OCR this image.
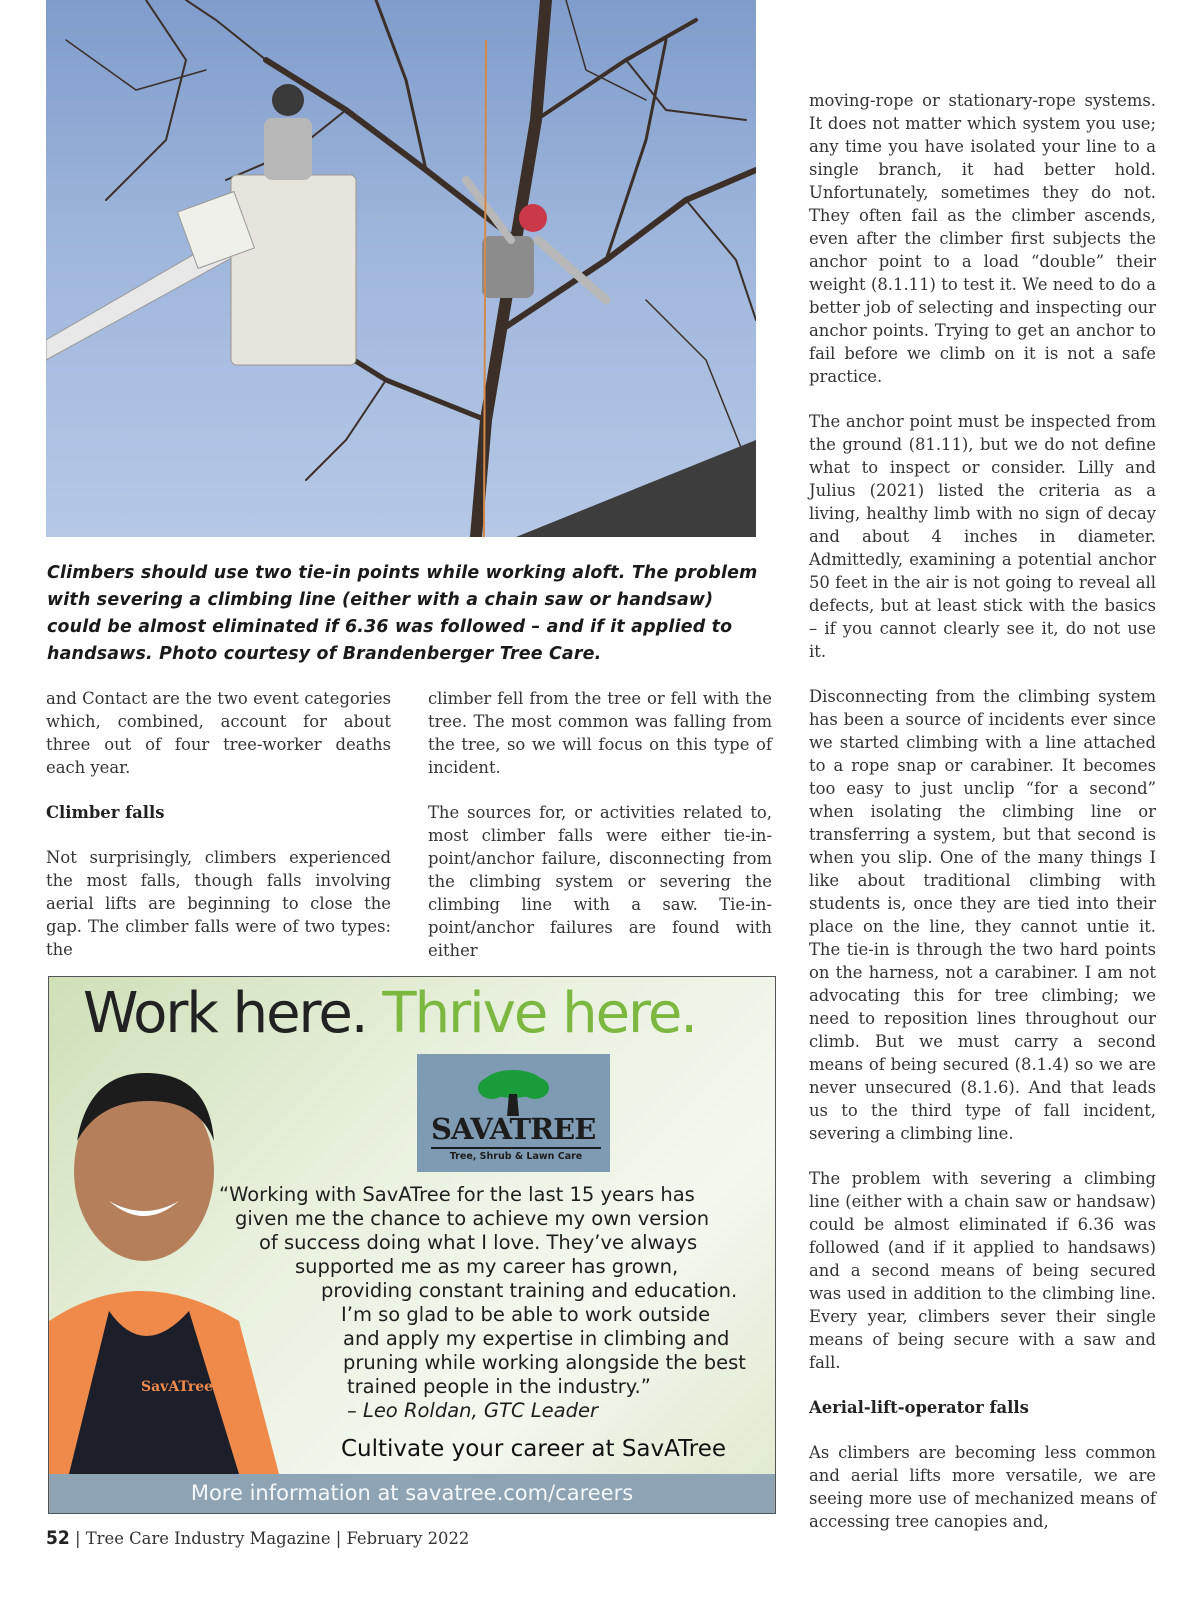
Climbers should use two tie-in points while working aloft. The problem with severing a climbing line (either with a chain saw or handsaw) could be almost eliminated if 6.36 was followed – and if it applied to handsaws. Photo courtesy of Brandenberger Tree Care.

and Contact are the two event categories which, combined, account for about three out of four tree-worker deaths each year.

Climber falls

Not surprisingly, climbers experienced the most falls, though falls involving aerial lifts are beginning to close the gap. The climber falls were of two types: the

climber fell from the tree or fell with the tree. The most common was falling from the tree, so we will focus on this type of incident.

The sources for, or activities related to, most climber falls were either tie-in-point/anchor failure, disconnecting from the climbing system or severing the climbing line with a saw. Tie-in-point/anchor failures are found with either

moving-rope or stationary-rope systems. It does not matter which system you use; any time you have isolated your line to a single branch, it had better hold. Unfortunately, sometimes they do not. They often fail as the climber ascends, even after the climber first subjects the anchor point to a load “double” their weight (8.1.11) to test it. We need to do a better job of selecting and inspecting our anchor points. Trying to get an anchor to fail before we climb on it is not a safe practice.

The anchor point must be inspected from the ground (81.11), but we do not define what to inspect or consider. Lilly and Julius (2021) listed the criteria as a living, healthy limb with no sign of decay and about 4 inches in diameter. Admittedly, examining a potential anchor 50 feet in the air is not going to reveal all defects, but at least stick with the basics – if you cannot clearly see it, do not use it.

Disconnecting from the climbing system has been a source of incidents ever since we started climbing with a line attached to a rope snap or carabiner. It becomes too easy to just unclip “for a second” when isolating the climbing line or transferring a system, but that second is when you slip. One of the many things I like about traditional climbing with students is, once they are tied into their place on the line, they cannot untie it. The tie-in is through the two hard points on the harness, not a carabiner. I am not advocating this for tree climbing; we need to reposition lines throughout our climb. But we must carry a second means of being secured (8.1.4) so we are never unsecured (8.1.6). And that leads us to the third type of fall incident, severing a climbing line.

The problem with severing a climbing line (either with a chain saw or handsaw) could be almost eliminated if 6.36 was followed (and if it applied to handsaws) and a second means of being secured was used in addition to the climbing line. Every year, climbers sever their single means of being secure with a saw and fall.

Aerial-lift-operator falls

As climbers are becoming less common and aerial lifts more versatile, we are seeing more use of mechanized means of accessing tree canopies and,

Work here. Thrive here.
SavATree
SAVATREE
Tree, Shrub & Lawn Care
“Working with SavATree for the last 15 years has
given me the chance to achieve my own version
of success doing what I love. They’ve always
supported me as my career has grown,
providing constant training and education.
I’m so glad to be able to work outside
and apply my expertise in climbing and
pruning while working alongside the best
trained people in the industry.”
– Leo Roldan, GTC Leader
Cultivate your career at SavATree
More information at savatree.com/careers
52 | Tree Care Industry Magazine | February 2022
